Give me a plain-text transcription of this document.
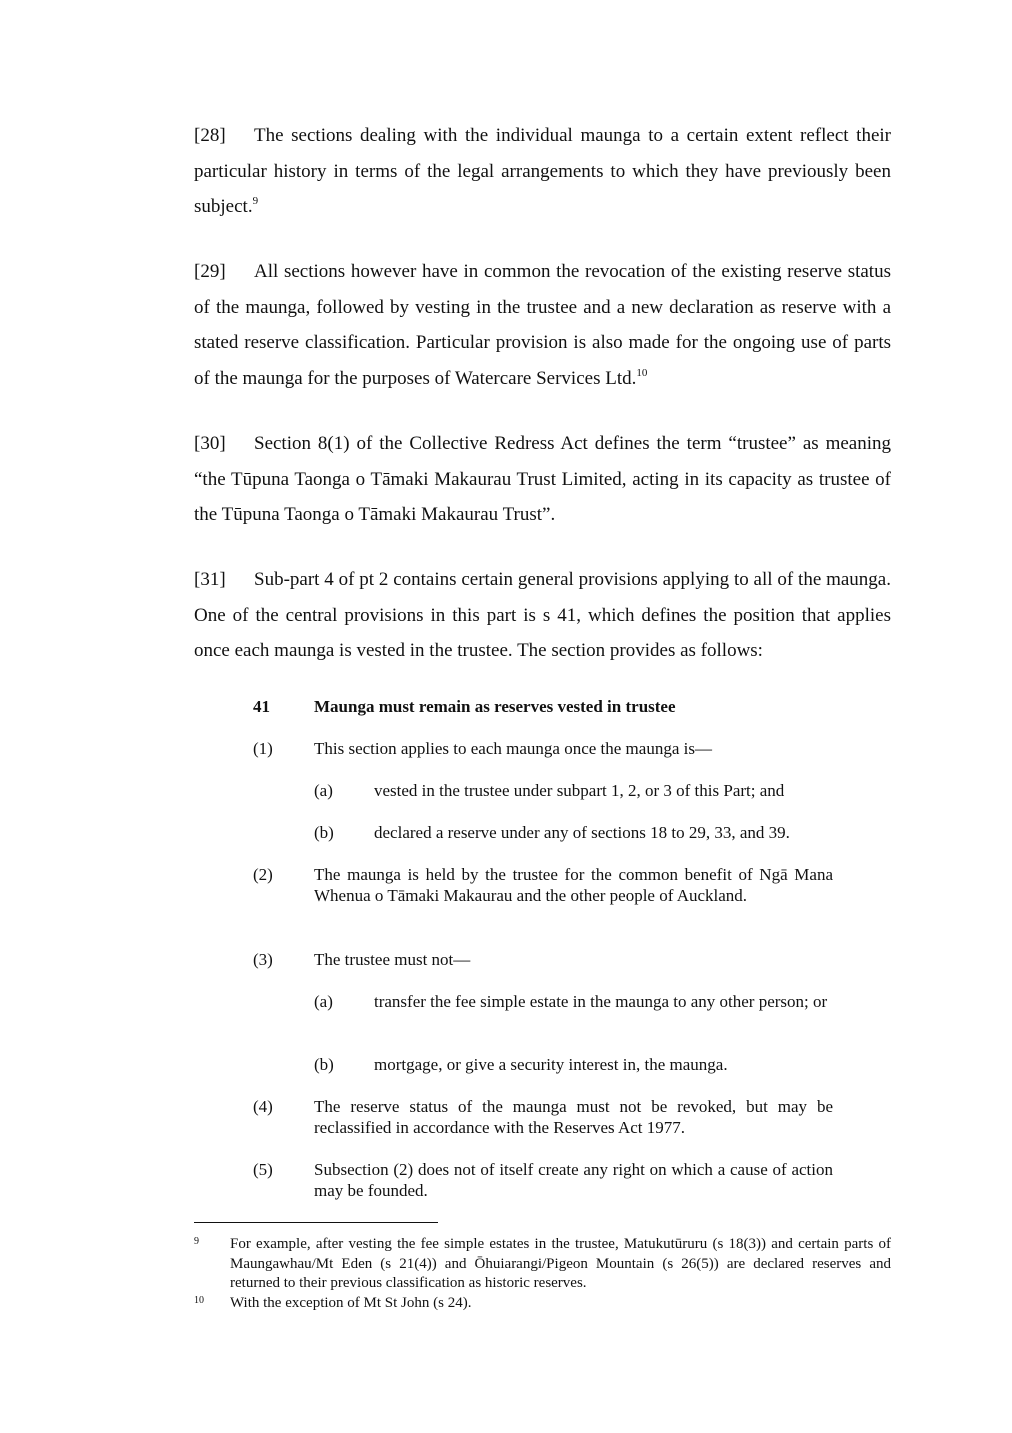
[28] The sections dealing with the individual maunga to a certain extent reflect their particular history in terms of the legal arrangements to which they have previously been subject.$^9$
[29] All sections however have in common the revocation of the existing reserve status of the maunga, followed by vesting in the trustee and a new declaration as reserve with a stated reserve classification. Particular provision is also made for the ongoing use of parts of the maunga for the purposes of Watercare Services Ltd.$^{10}$
[30] Section 8(1) of the Collective Redress Act defines the term “trustee” as meaning “the Tūpuna Taonga o Tāmaki Makaurau Trust Limited, acting in its capacity as trustee of the Tūpuna Taonga o Tāmaki Makaurau Trust”.
[31] Sub-part 4 of pt 2 contains certain general provisions applying to all of the maunga. One of the central provisions in this part is s 41, which defines the position that applies once each maunga is vested in the trustee. The section provides as follows:
41	Maunga must remain as reserves vested in trustee
(1) This section applies to each maunga once the maunga is—
(a) vested in the trustee under subpart 1, 2, or 3 of this Part; and
(b) declared a reserve under any of sections 18 to 29, 33, and 39.
(2) The maunga is held by the trustee for the common benefit of Ngā Mana Whenua o Tāmaki Makaurau and the other people of Auckland.
(3) The trustee must not—
(a) transfer the fee simple estate in the maunga to any other person; or
(b) mortgage, or give a security interest in, the maunga.
(4) The reserve status of the maunga must not be revoked, but may be reclassified in accordance with the Reserves Act 1977.
(5) Subsection (2) does not of itself create any right on which a cause of action may be founded.
9 For example, after vesting the fee simple estates in the trustee, Matukutūruru (s 18(3)) and certain parts of Maungawhau/Mt Eden (s 21(4)) and Ōhuiarangi/Pigeon Mountain (s 26(5)) are declared reserves and returned to their previous classification as historic reserves.
10 With the exception of Mt St John (s 24).
